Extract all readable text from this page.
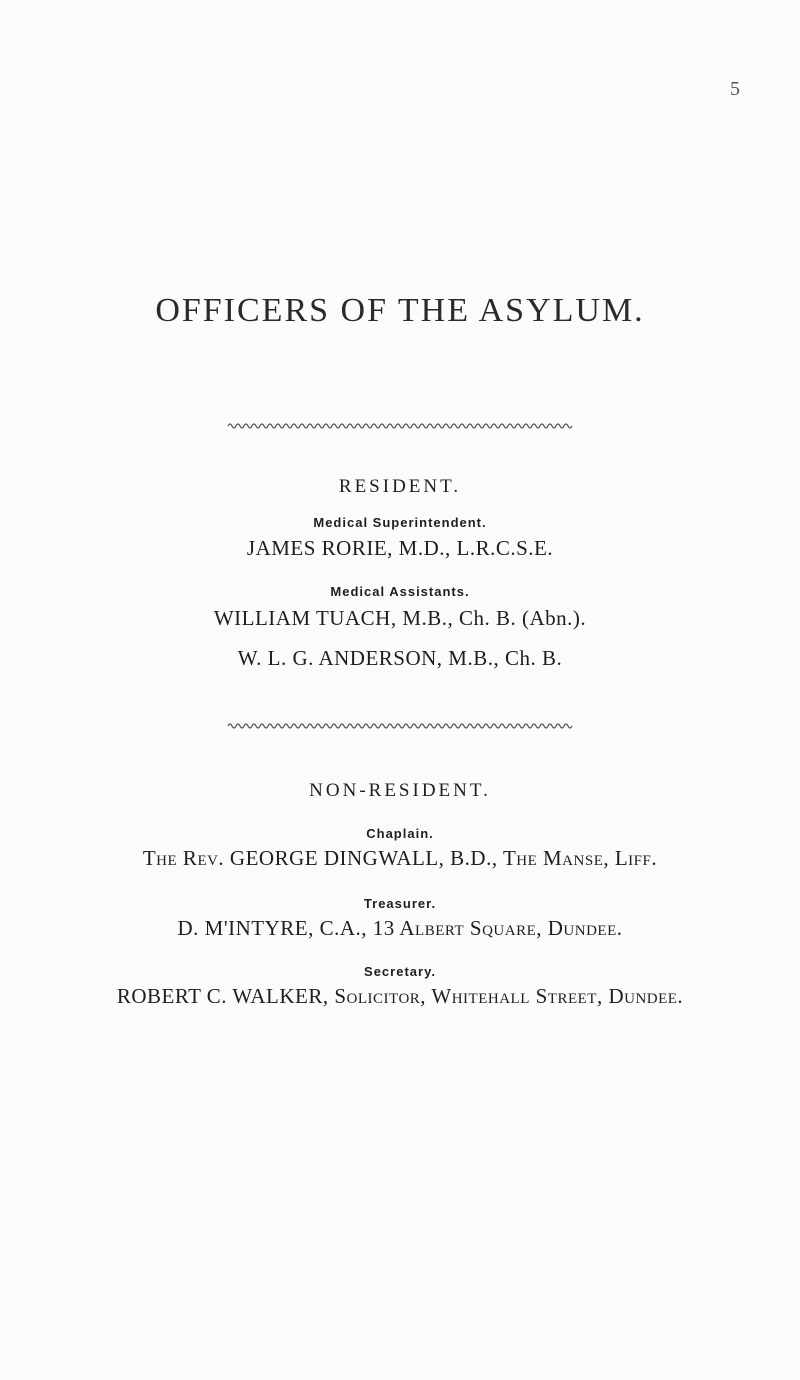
5
OFFICERS OF THE ASYLUM.
RESIDENT.
Medical Superintendent.
JAMES RORIE, M.D., L.R.C.S.E.
Medical Assistants.
WILLIAM TUACH, M.B., Ch. B. (Abn.).
W. L. G. ANDERSON, M.B., Ch. B.
NON-RESIDENT.
Chaplain.
The Rev. GEORGE DINGWALL, B.D., The Manse, Liff.
Treasurer.
D. M'INTYRE, C.A., 13 Albert Square, Dundee.
Secretary.
ROBERT C. WALKER, Solicitor, Whitehall Street, Dundee.
